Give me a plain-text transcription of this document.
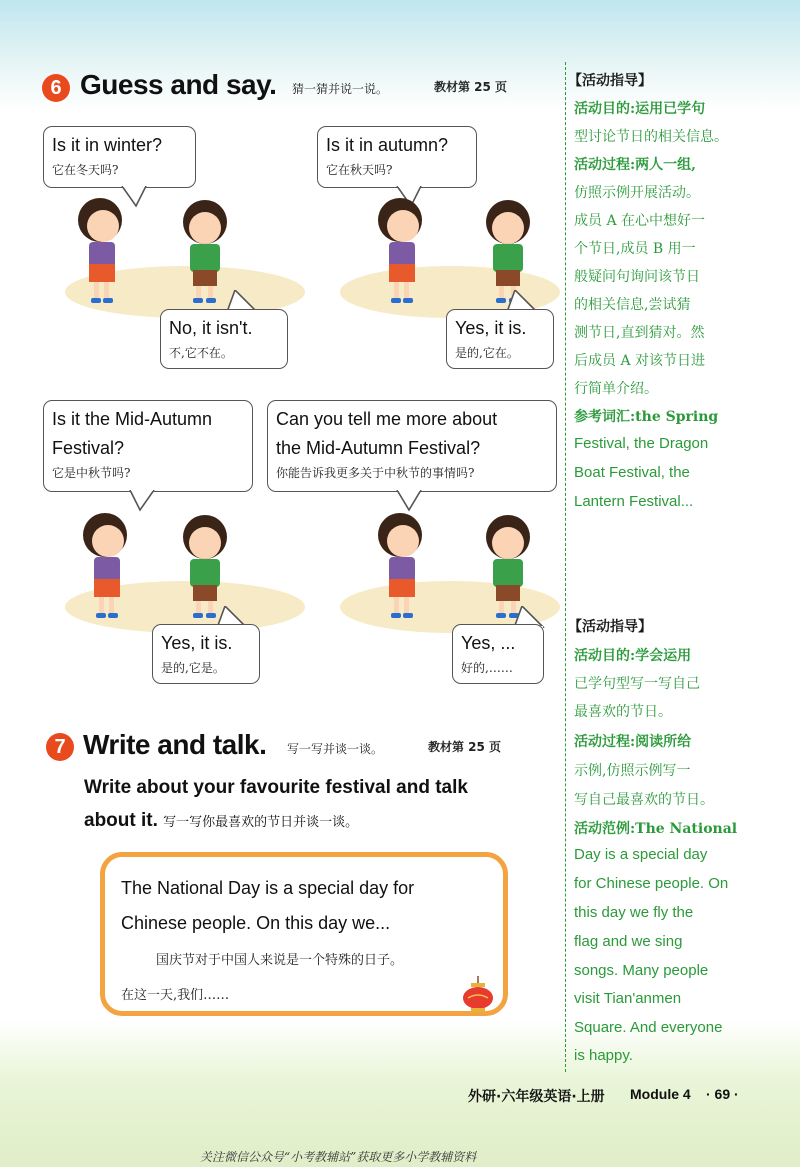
6 Guess and say. 猜一猜并说一说。	教材第 25 页
Is it in winter?
它在冬天吗?
No, it isn't.
不,它不在。
Is it in autumn?
它在秋天吗?
Yes, it is.
是的,它在。
Is it the Mid-Autumn
Festival?
它是中秋节吗?
Yes, it is.
是的,它是。
Can you tell me more about
the Mid-Autumn Festival?
你能告诉我更多关于中秋节的事情吗?
Yes, ...
好的,……
【活动指导】
活动目的:运用已学句
型讨论节日的相关信息。
活动过程:两人一组,
仿照示例开展活动。
成员 A 在心中想好一
个节日,成员 B 用一
般疑问句询问该节日
的相关信息,尝试猜
测节日,直到猜对。然
后成员 A 对该节日进
行简单介绍。
参考词汇:the Spring
Festival, the Dragon
Boat Festival, the
Lantern Festival...
【活动指导】
活动目的:学会运用
已学句型写一写自己
最喜欢的节日。
活动过程:阅读所给
示例,仿照示例写一
写自己最喜欢的节日。
活动范例:The National
Day is a special day
for Chinese people. On
this day we fly the
flag and we sing
songs. Many people
visit Tian'anmen
Square. And everyone
is happy.
7 Write and talk. 写一写并谈一谈。	教材第 25 页
Write about your favourite festival and talk
about it. 写一写你最喜欢的节日并谈一谈。
The National Day is a special day for
Chinese people. On this day we...
国庆节对于中国人来说是一个特殊的日子。
在这一天,我们……
外研·六年级英语·上册 Module 4 · 69 ·
关注微信公众号“小考教辅站”获取更多小学教辅资料
